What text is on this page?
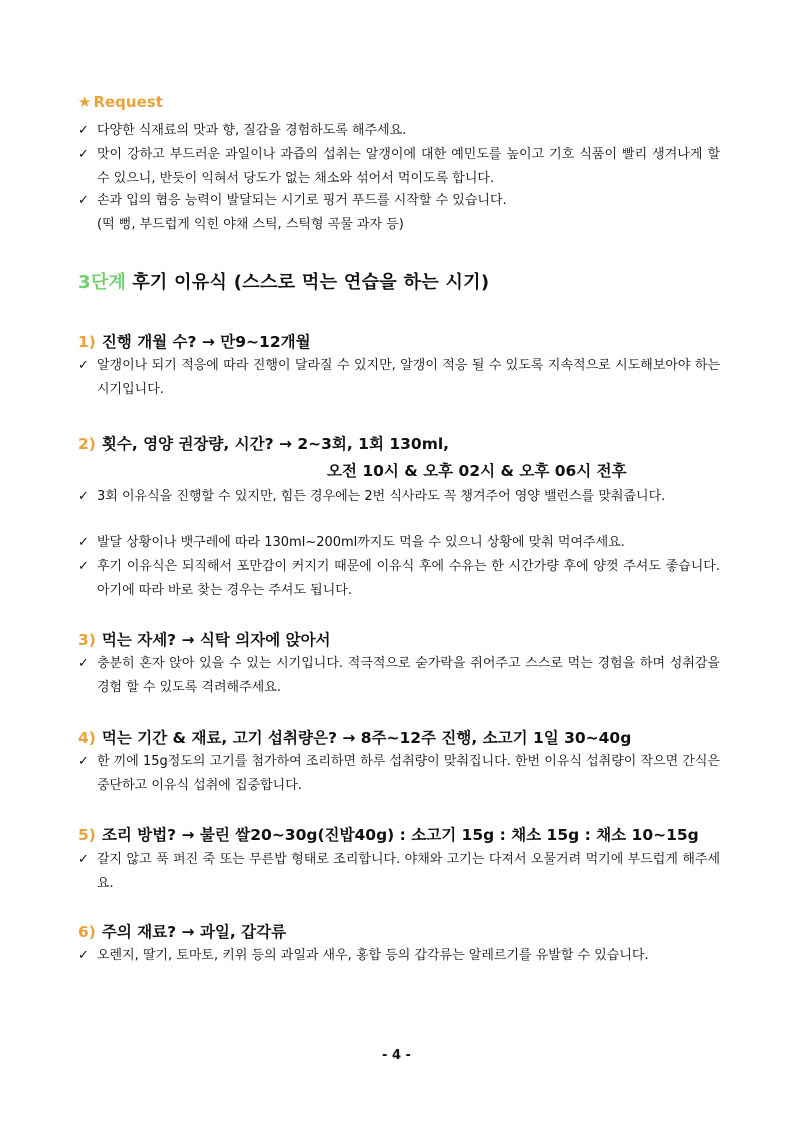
★ Request
✓ 다양한 식재료의 맛과 향, 질감을 경험하도록 해주세요.
✓ 맛이 강하고 부드러운 과일이나 과즙의 섭취는 알갱이에 대한 예민도를 높이고 기호 식품이 빨리 생겨나게 할 수 있으니, 반듯이 익혀서 당도가 없는 채소와 섞어서 먹이도록 합니다.
✓ 손과 입의 협응 능력이 발달되는 시기로 핑거 푸드를 시작할 수 있습니다.
(떡 뻥, 부드럽게 익힌 야채 스틱, 스틱형 곡물 과자 등)
3단계 후기 이유식 (스스로 먹는 연습을 하는 시기)
1) 진행 개월 수? → 만9~12개월
✓ 알갱이나 되기 적응에 따라 진행이 달라질 수 있지만, 알갱이 적응 될 수 있도록 지속적으로 시도해보아야 하는 시기입니다.
2) 횟수, 영양 권장량, 시간? → 2~3회, 1회 130ml,
오전 10시 & 오후 02시 & 오후 06시 전후
✓ 3회 이유식을 진행할 수 있지만, 힘든 경우에는 2번 식사라도 꼭 챙겨주어 영양 밸런스를 맞춰줍니다.
✓ 발달 상황이나 뱃구레에 따라 130ml~200ml까지도 먹을 수 있으니 상황에 맞춰 먹여주세요.
✓ 후기 이유식은 되직해서 포만감이 커지기 때문에 이유식 후에 수유는 한 시간가량 후에 양껏 주셔도 좋습니다. 아기에 따라 바로 찾는 경우는 주셔도 됩니다.
3) 먹는 자세? → 식탁 의자에 앉아서
✓ 충분히 혼자 앉아 있을 수 있는 시기입니다. 적극적으로 숟가락을 쥐어주고 스스로 먹는 경험을 하며 성취감을 경험 할 수 있도록 격려해주세요.
4) 먹는 기간 & 재료, 고기 섭취량은? → 8주~12주 진행, 소고기 1일 30~40g
✓ 한 끼에 15g정도의 고기를 첨가하여 조리하면 하루 섭취량이 맞춰집니다. 한번 이유식 섭취량이 작으면 간식은 중단하고 이유식 섭취에 집중합니다.
5) 조리 방법? → 불린 쌀20~30g(진밥40g) : 소고기 15g : 채소 15g : 채소 10~15g
✓ 갈지 않고 푹 퍼진 죽 또는 무른밥 형태로 조리합니다. 야채와 고기는 다져서 오물거려 먹기에 부드럽게 해주세요.
6) 주의 재료? → 과일, 갑각류
✓ 오렌지, 딸기, 토마토, 키위 등의 과일과 새우, 홍합 등의 갑각류는 알레르기를 유발할 수 있습니다.
- 4 -
